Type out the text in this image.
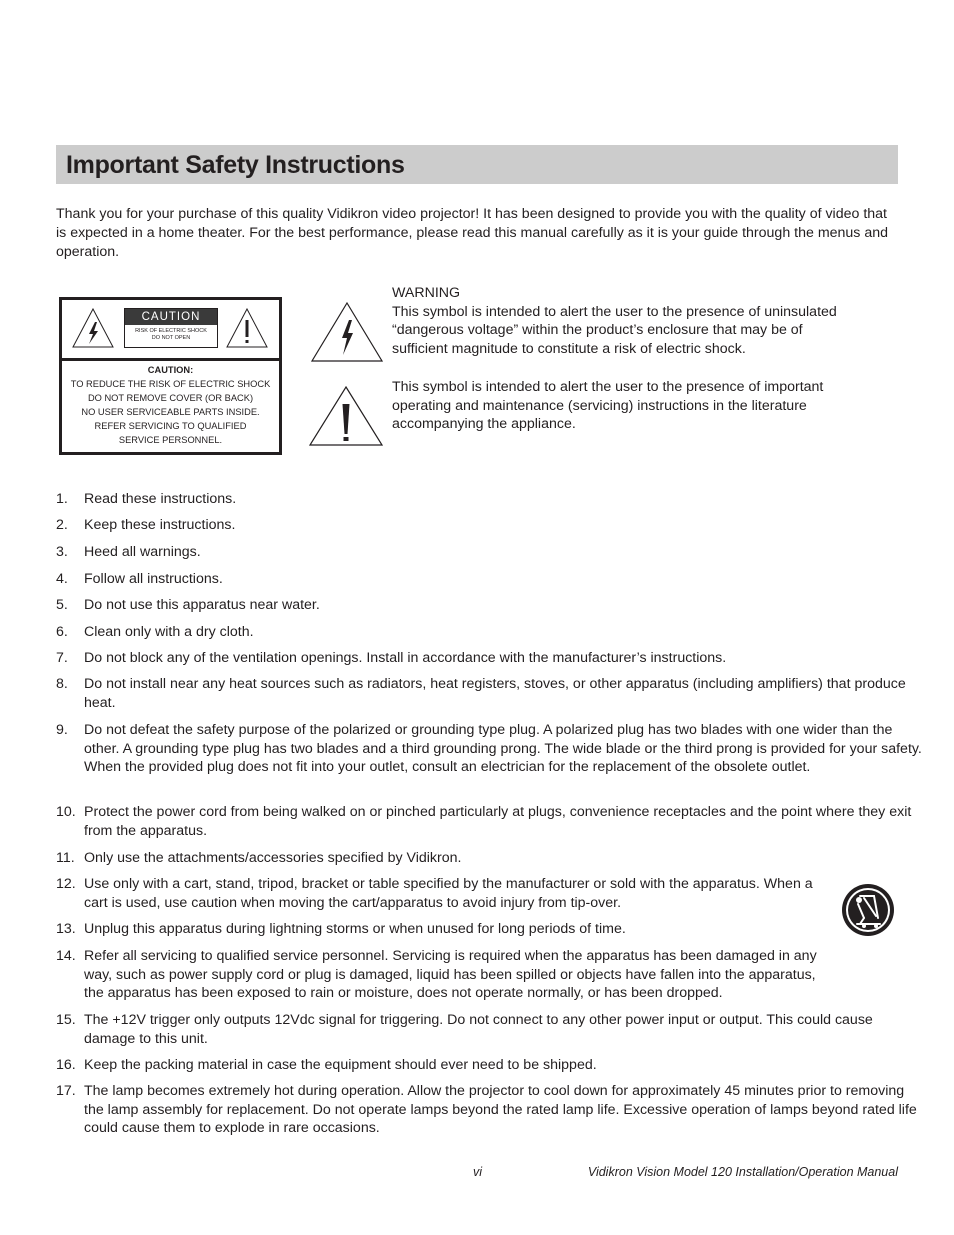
Important Safety Instructions

Thank you for your purchase of this quality Vidikron video projector! It has been designed to provide you with the quality of video that is expected in a home theater. For the best performance, please read this manual carefully as it is your guide through the menus and operation.

CAUTION
RISK OF ELECTRIC SHOCK
DO NOT OPEN
CAUTION:
TO REDUCE THE RISK OF ELECTRIC SHOCK
DO NOT REMOVE COVER (OR BACK)
NO USER SERVICEABLE PARTS INSIDE.
REFER SERVICING TO QUALIFIED
SERVICE PERSONNEL.
WARNING
This symbol is intended to alert the user to the presence of uninsulated “dangerous voltage” within the product’s enclosure that may be of sufficient magnitude to constitute a risk of electric shock.
This symbol is intended to alert the user to the presence of important operating and maintenance (servicing) instructions in the literature accompanying the appliance.
1. Read these instructions.
2. Keep these instructions.
3. Heed all warnings.
4. Follow all instructions.
5. Do not use this apparatus near water.
6. Clean only with a dry cloth.
7. Do not block any of the ventilation openings. Install in accordance with the manufacturer’s instructions.
8. Do not install near any heat sources such as radiators, heat registers, stoves, or other apparatus (including amplifiers) that produce heat.
9. Do not defeat the safety purpose of the polarized or grounding type plug. A polarized plug has two blades with one wider than the other. A grounding type plug has two blades and a third grounding prong. The wide blade or the third prong is provided for your safety. When the provided plug does not fit into your outlet, consult an electrician for the replacement of the obsolete outlet.
10. Protect the power cord from being walked on or pinched particularly at plugs, convenience receptacles and the point where they exit from the apparatus.
11. Only use the attachments/accessories specified by Vidikron.
12. Use only with a cart, stand, tripod, bracket or table specified by the manufacturer or sold with the apparatus. When a cart is used, use caution when moving the cart/apparatus to avoid injury from tip-over.
13. Unplug this apparatus during lightning storms or when unused for long periods of time.
14. Refer all servicing to qualified service personnel. Servicing is required when the apparatus has been damaged in any way, such as power supply cord or plug is damaged, liquid has been spilled or objects have fallen into the apparatus, the apparatus has been exposed to rain or moisture, does not operate normally, or has been dropped.
15. The +12V trigger only outputs 12Vdc signal for triggering. Do not connect to any other power input or output. This could cause damage to this unit.
16. Keep the packing material in case the equipment should ever need to be shipped.
17. The lamp becomes extremely hot during operation. Allow the projector to cool down for approximately 45 minutes prior to removing the lamp assembly for replacement. Do not operate lamps beyond the rated lamp life. Excessive operation of lamps beyond rated life could cause them to explode in rare occasions.
vi	Vidikron Vision Model 120 Installation/Operation Manual
